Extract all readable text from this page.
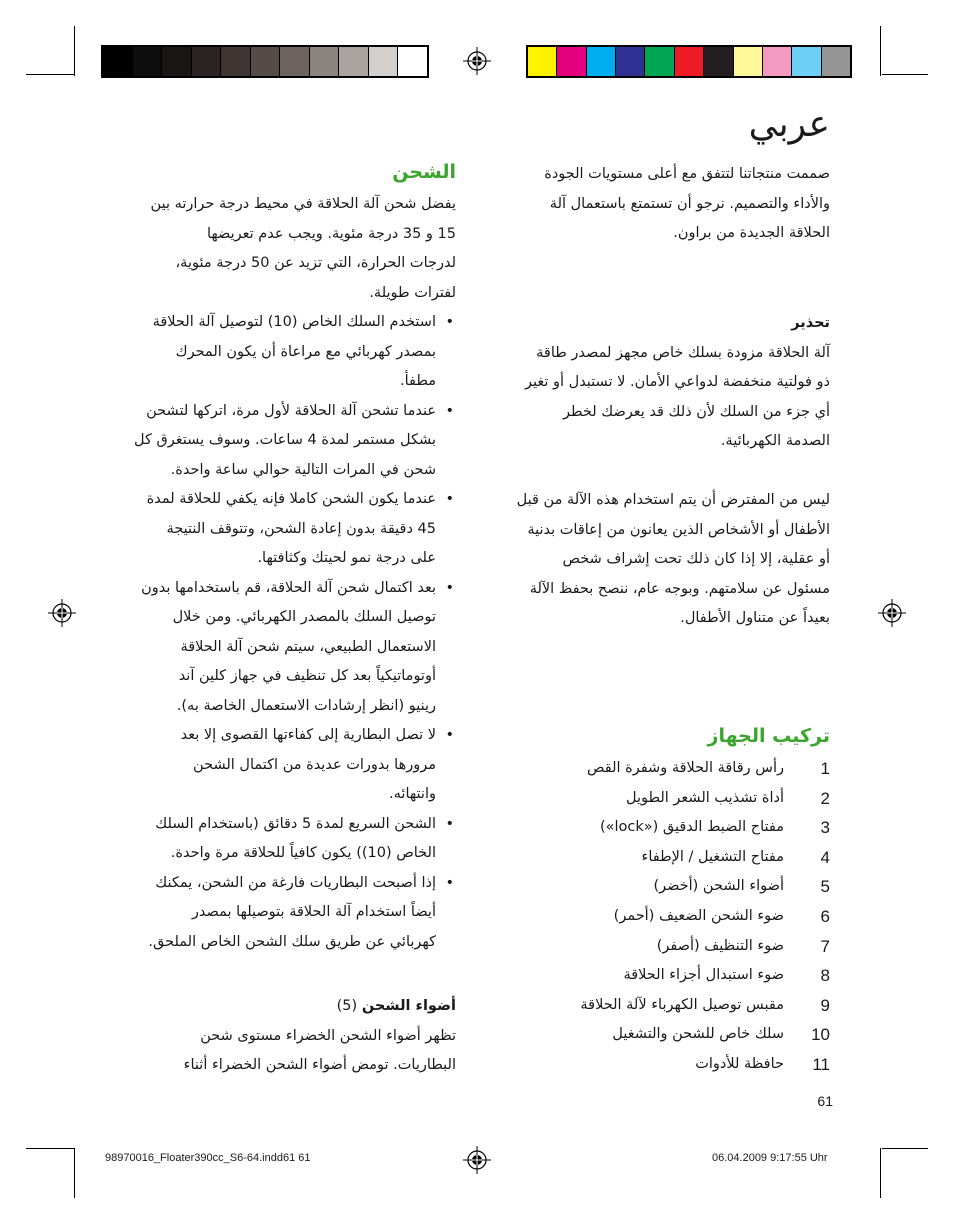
عربي

صممت منتجاتنا لتتفق مع أعلى مستويات الجودة

والأداء والتصميم. نرجو أن تستمتع باستعمال آلة

الحلاقة الجديدة من براون.

تحذير

آلة الحلاقة مزودة بسلك خاص مجهز لمصدر طاقة

ذو فولتية منخفضة لدواعي الأمان. لا تستبدل أو تغير

أي جزء من السلك لأن ذلك قد يعرضك لخطر

الصدمة الكهربائية.

ليس من المفترض أن يتم استخدام هذه الآلة من قبل

الأطفال أو الأشخاص الذين يعانون من إعاقات بدنية

أو عقلية، إلا إذا كان ذلك تحت إشراف شخص

مسئول عن سلامتهم. وبوجه عام، ننصح بحفظ الآلة

بعيداً عن متناول الأطفال.

تركيب الجهاز

1
رأس رقاقة الحلاقة وشفرة القص
2
أداة تشذيب الشعر الطويل
3
مفتاح الضبط الدقيق («lock»)
4
مفتاح التشغيل / الإطفاء
5
أضواء الشحن (أخضر)
6
ضوء الشحن الضعيف (أحمر)
7
ضوء التنظيف (أصفر)
8
ضوء استبدال أجزاء الحلاقة
9
مقبس توصيل الكهرباء لآلة الحلاقة
10
سلك خاص للشحن والتشغيل
11
حافظة للأدوات

الشحن

يفضل شحن آلة الحلاقة في محيط درجة حرارته بين

15 و 35 درجة مئوية. ويجب عدم تعريضها

لدرجات الحرارة، التي تزيد عن 50 درجة مئوية،

لفترات طويلة.

• استخدم السلك الخاص (10) لتوصيل آلة الحلاقة
بمصدر كهربائي مع مراعاة أن يكون المحرك
مطفأ.
• عندما تشحن آلة الحلاقة لأول مرة، اتركها لتشحن
بشكل مستمر لمدة 4 ساعات. وسوف يستغرق كل
شحن في المرات التالية حوالي ساعة واحدة.
• عندما يكون الشحن كاملا فإنه يكفي للحلاقة لمدة
45 دقيقة بدون إعادة الشحن، وتتوقف النتيجة
على درجة نمو لحيتك وكثافتها.
• بعد اكتمال شحن آلة الحلاقة، قم باستخدامها بدون
توصيل السلك بالمصدر الكهربائي. ومن خلال
الاستعمال الطبيعي، سيتم شحن آلة الحلاقة
أوتوماتيكياً بعد كل تنظيف في جهاز كلين آند
رينيو (انظر إرشادات الاستعمال الخاصة به).
• لا تصل البطارية إلى كفاءتها القصوى إلا بعد
مرورها بدورات عديدة من اكتمال الشحن
وانتهائه.
• الشحن السريع لمدة 5 دقائق (باستخدام السلك
الخاص (10)) يكون كافياً للحلاقة مرة واحدة.
• إذا أصبحت البطاريات فارغة من الشحن، يمكنك
أيضاً استخدام آلة الحلاقة بتوصيلها بمصدر
كهربائي عن طريق سلك الشحن الخاص الملحق.

أضواء الشحن (5)

تظهر أضواء الشحن الخضراء مستوى شحن

البطاريات. تومض أضواء الشحن الخضراء أثناء

61
98970016_Floater390cc_S6-64.indd61 61	06.04.2009 9:17:55 Uhr
